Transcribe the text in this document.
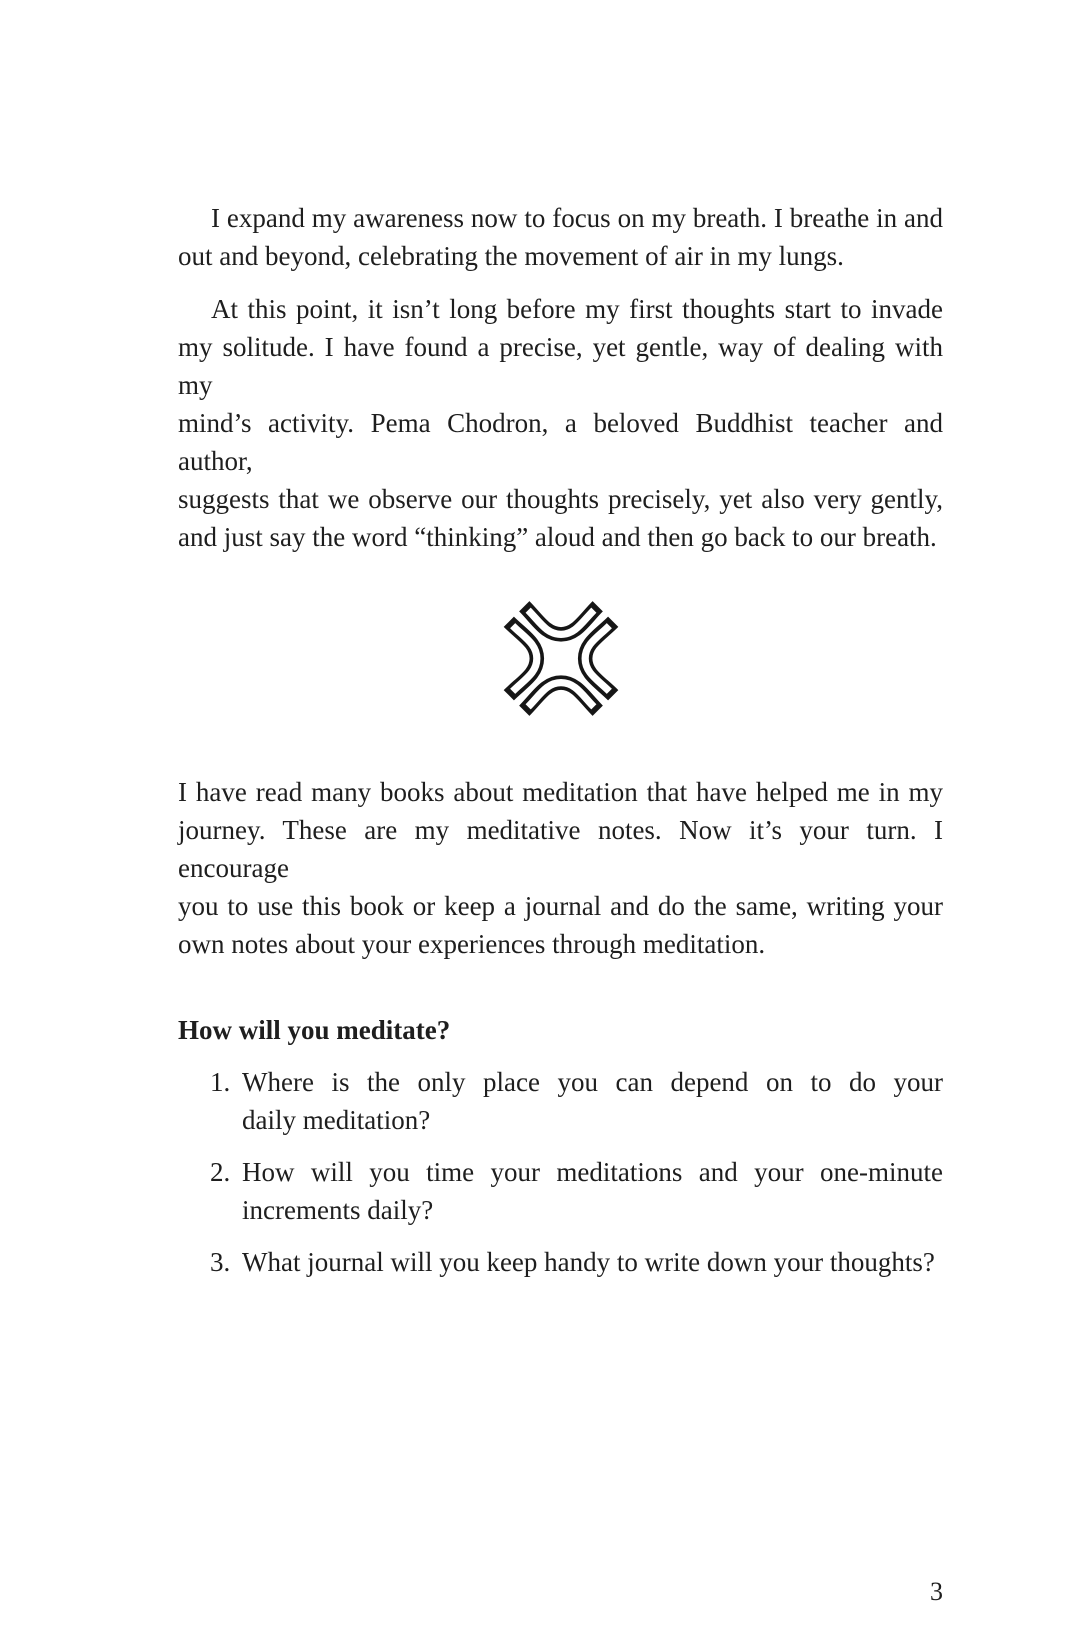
I expand my awareness now to focus on my breath. I breathe in and
out and beyond, celebrating the movement of air in my lungs.
At this point, it isn’t long before my first thoughts start to invade
my solitude. I have found a precise, yet gentle, way of dealing with my
mind’s activity. Pema Chodron, a beloved Buddhist teacher and author,
suggests that we observe our thoughts precisely, yet also very gently,
and just say the word “thinking” aloud and then go back to our breath.
I have read many books about meditation that have helped me in my
journey. These are my meditative notes. Now it’s your turn. I encourage
you to use this book or keep a journal and do the same, writing your
own notes about your experiences through meditation.
How will you meditate?
1. Where is the only place you can depend on to do your
daily meditation?
2. How will you time your meditations and your one-minute
increments daily?
3. What journal will you keep handy to write down your thoughts?
3
